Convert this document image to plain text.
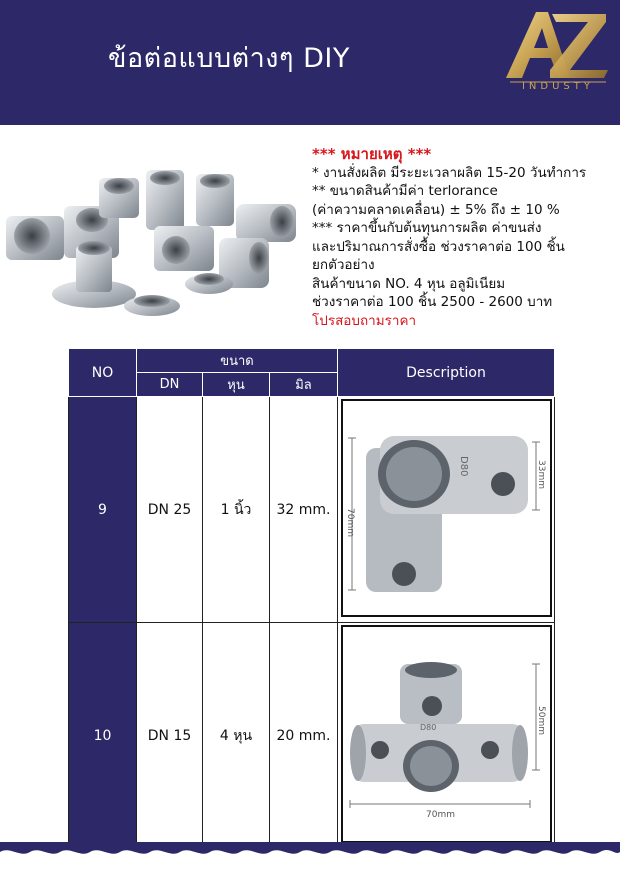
ข้อต่อแบบต่างๆ DIY
INDUSTY
*** หมายเหตุ ***
* งานสั่งผลิต มีระยะเวลาผลิต 15-20 วันทำการ
** ขนาดสินค้ามีค่า terlorance
(ค่าความคลาดเคลื่อน) ± 5% ถึง ± 10 %
*** ราคาขึ้นกับต้นทุนการผลิต ค่าขนส่ง
และปริมาณการสั่งซื้อ ช่วงราคาต่อ 100 ชิ้น
ยกตัวอย่าง
สินค้าขนาด NO. 4 หุน อลูมิเนียม
ช่วงราคาต่อ 100 ชิ้น 2500 - 2600 บาท
โปรสอบถามราคา
NO	ขนาด			Description
	DN	หุน	มิล	
9	DN 25	1 นิ้ว	32 mm.	70mm
33mm
D80

10	DN 15	4 หุน	20 mm.	50mm
70mm
D80
